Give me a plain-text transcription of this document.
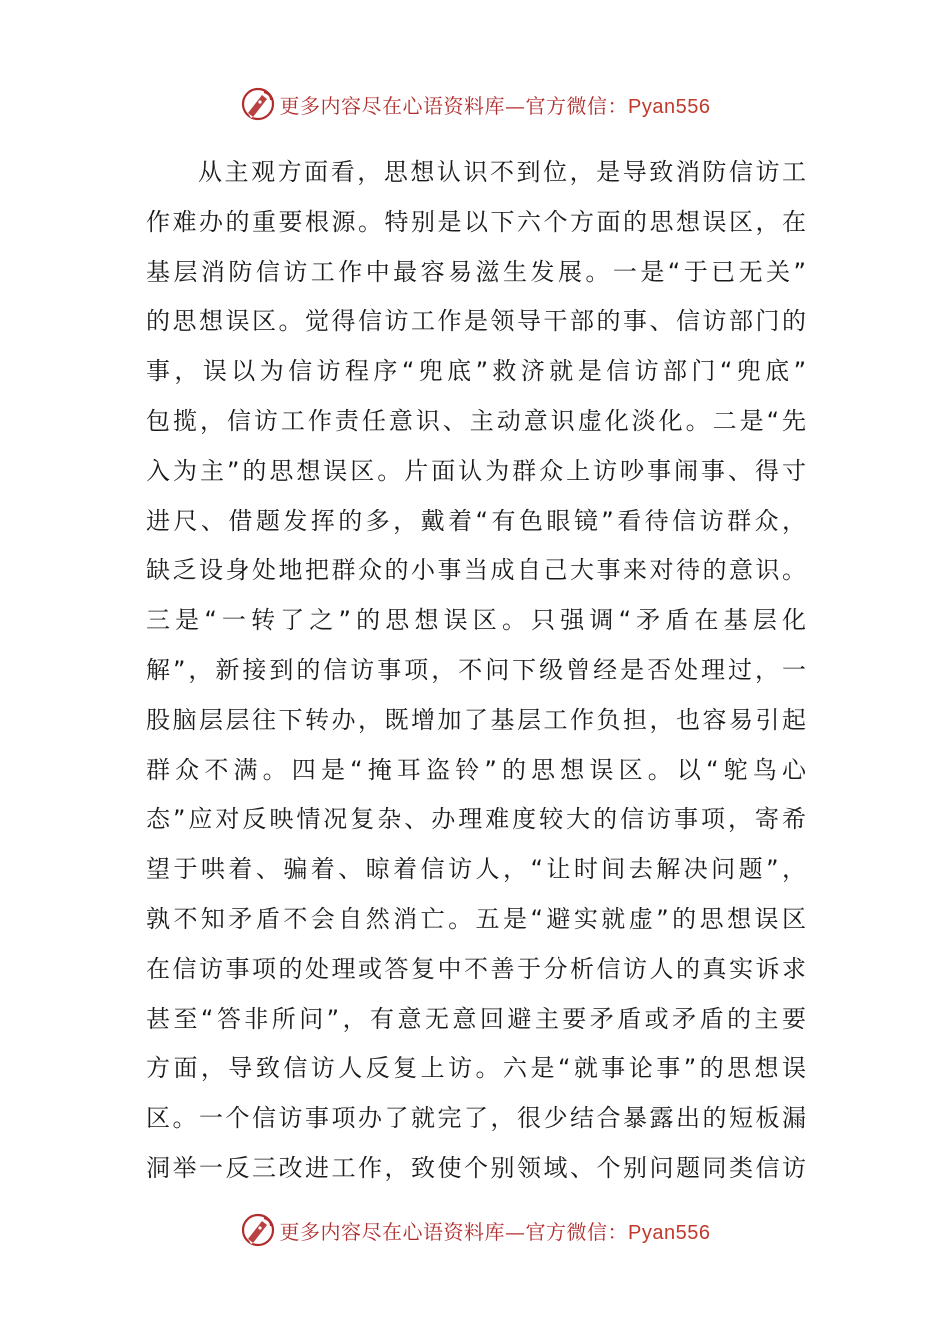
更多内容尽在心语资料库—官方微信：Pyan556
从主观方面看，思想认识不到位，是导致消防信访工
作难办的重要根源。特别是以下六个方面的思想误区，在
基层消防信访工作中最容易滋生发展。一是“于已无关”
的思想误区。觉得信访工作是领导干部的事、信访部门的
事，误以为信访程序“兜底”救济就是信访部门“兜底”
包揽，信访工作责任意识、主动意识虚化淡化。二是“先
入为主”的思想误区。片面认为群众上访吵事闹事、得寸
进尺、借题发挥的多，戴着“有色眼镜”看待信访群众，
缺乏设身处地把群众的小事当成自己大事来对待的意识。
三是“一转了之”的思想误区。只强调“矛盾在基层化
解”，新接到的信访事项，不问下级曾经是否处理过，一
股脑层层往下转办，既增加了基层工作负担，也容易引起
群众不满。四是“掩耳盗铃”的思想误区。以“鸵鸟心
态”应对反映情况复杂、办理难度较大的信访事项，寄希
望于哄着、骗着、晾着信访人，“让时间去解决问题”，
孰不知矛盾不会自然消亡。五是“避实就虚”的思想误区
在信访事项的处理或答复中不善于分析信访人的真实诉求
甚至“答非所问”，有意无意回避主要矛盾或矛盾的主要
方面，导致信访人反复上访。六是“就事论事”的思想误
区。一个信访事项办了就完了，很少结合暴露出的短板漏
洞举一反三改进工作，致使个别领域、个别问题同类信访
更多内容尽在心语资料库—官方微信：Pyan556
